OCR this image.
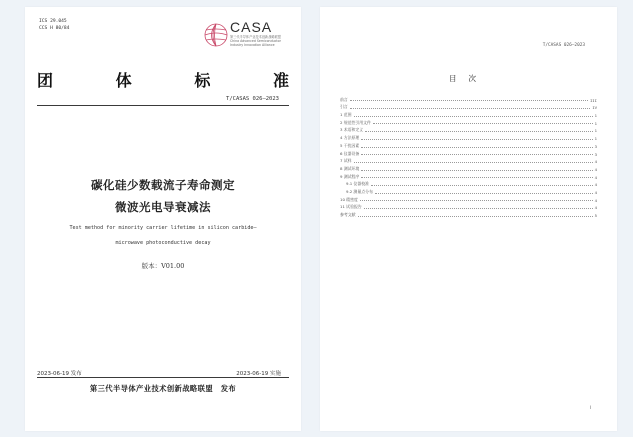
ICS 29.045
CCS H 80/84	CASA
第三代半导体产业技术创新战略联盟 China Advanced Semiconductor Industry Innovation Alliance
团	体	标	准
T/CASAS 026—2023
碳化硅少数载流子寿命测定
微波光电导衰减法
Test method for minority carrier lifetime in silicon carbide—
microwave photoconductive decay
版本：V01.00
2023-06-19 发布	2023-06-19 实施
第三代半导体产业技术创新战略联盟　发布
T/CASAS 026—2023
目次
前言	III
引言	IV
1 范围	1
2 规范性引用文件	1
3 术语和定义	1
4 方法原理	1
5 干扰因素	3
6 仪器设备	3
7 试样	4
8 测试环境	4
9 测试程序	4
9.1 仪器校准	4
9.2 测量点分布	4
10 精密度	4
11 试验报告	4
参考文献	5
I
